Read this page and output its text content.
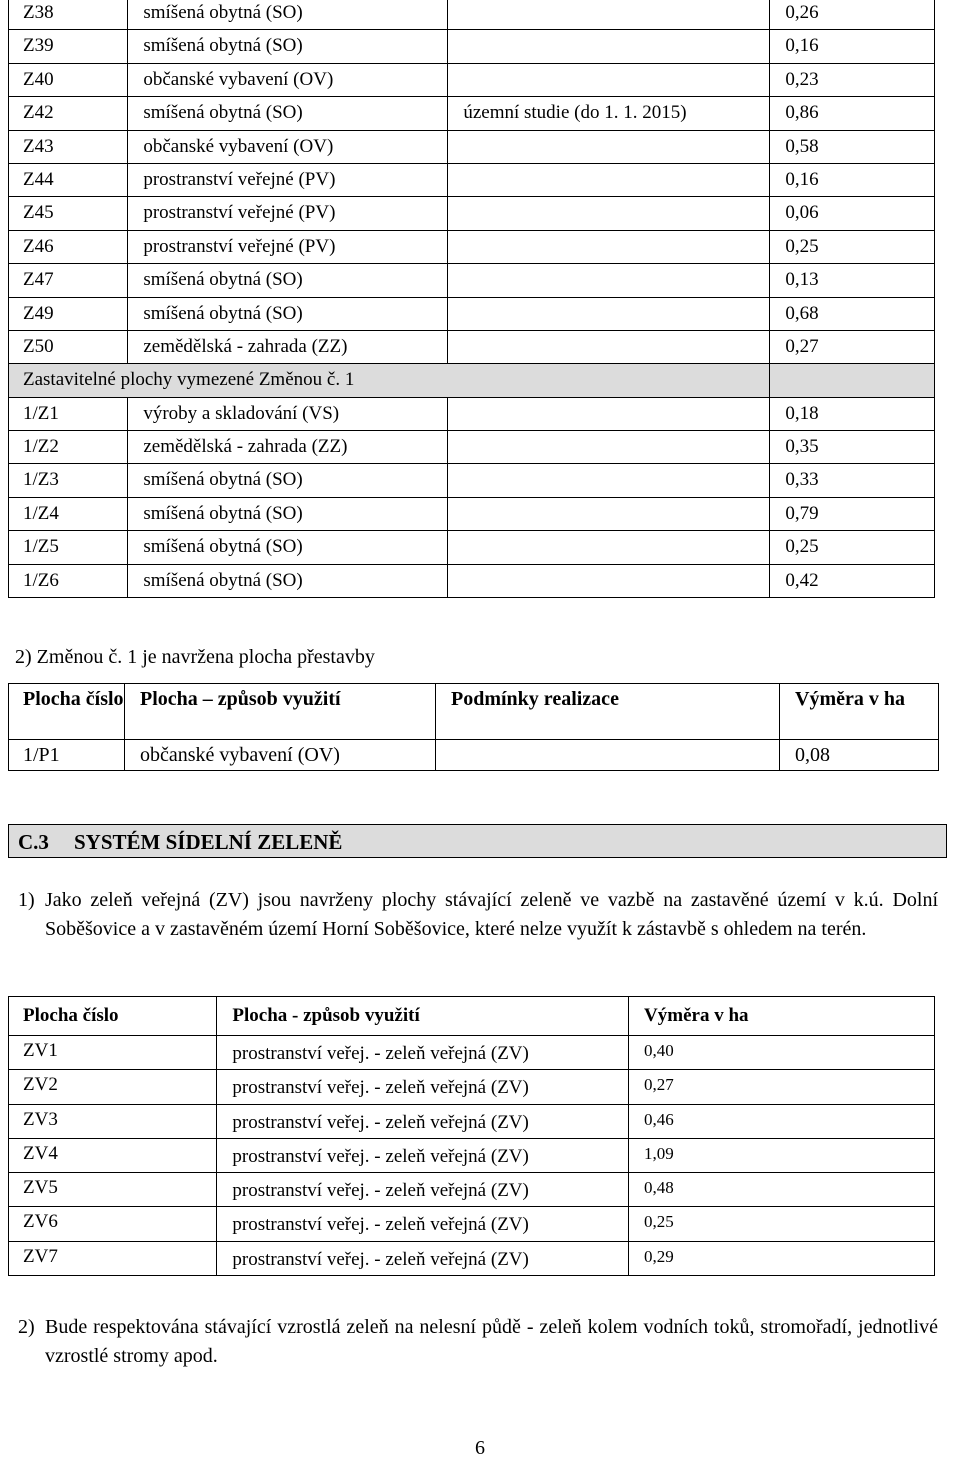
Z38	smíšená obytná (SO)		0,26
Z39	smíšená obytná (SO)		0,16
Z40	občanské vybavení (OV)		0,23
Z42	smíšená obytná (SO)	územní studie (do 1. 1. 2015)	0,86
Z43	občanské vybavení (OV)		0,58
Z44	prostranství veřejné (PV)		0,16
Z45	prostranství veřejné (PV)		0,06
Z46	prostranství veřejné (PV)		0,25
Z47	smíšená obytná (SO)		0,13
Z49	smíšená obytná (SO)		0,68
Z50	zemědělská - zahrada (ZZ)		0,27
Zastavitelné plochy vymezené Změnou č. 1			
1/Z1	výroby a skladování (VS)		0,18
1/Z2	zemědělská - zahrada (ZZ)		0,35
1/Z3	smíšená obytná (SO)		0,33
1/Z4	smíšená obytná (SO)		0,79
1/Z5	smíšená obytná (SO)		0,25
1/Z6	smíšená obytná (SO)		0,42
2) Změnou č. 1 je navržena plocha přestavby
Plocha číslo	Plocha – způsob využití	Podmínky realizace	Výměra v ha
1/P1	občanské vybavení (OV)		0,08
C.3 SYSTÉM SÍDELNÍ ZELENĚ
1) Jako zeleň veřejná (ZV) jsou navrženy plochy stávající zeleně ve vazbě na zastavěné území v k.ú. Dolní Soběšovice a v zastavěném území Horní Soběšovice, které nelze využít k zástavbě s ohledem na terén.
Plocha číslo	Plocha - způsob využití	Výměra v ha
ZV1	prostranství veřej. - zeleň veřejná (ZV)	0,40
ZV2	prostranství veřej. - zeleň veřejná (ZV)	0,27
ZV3	prostranství veřej. - zeleň veřejná (ZV)	0,46
ZV4	prostranství veřej. - zeleň veřejná (ZV)	1,09
ZV5	prostranství veřej. - zeleň veřejná (ZV)	0,48
ZV6	prostranství veřej. - zeleň veřejná (ZV)	0,25
ZV7	prostranství veřej. - zeleň veřejná (ZV)	0,29
2) Bude respektována stávající vzrostlá zeleň na nelesní půdě - zeleň kolem vodních toků, stromořadí, jednotlivé vzrostlé stromy apod.
6
